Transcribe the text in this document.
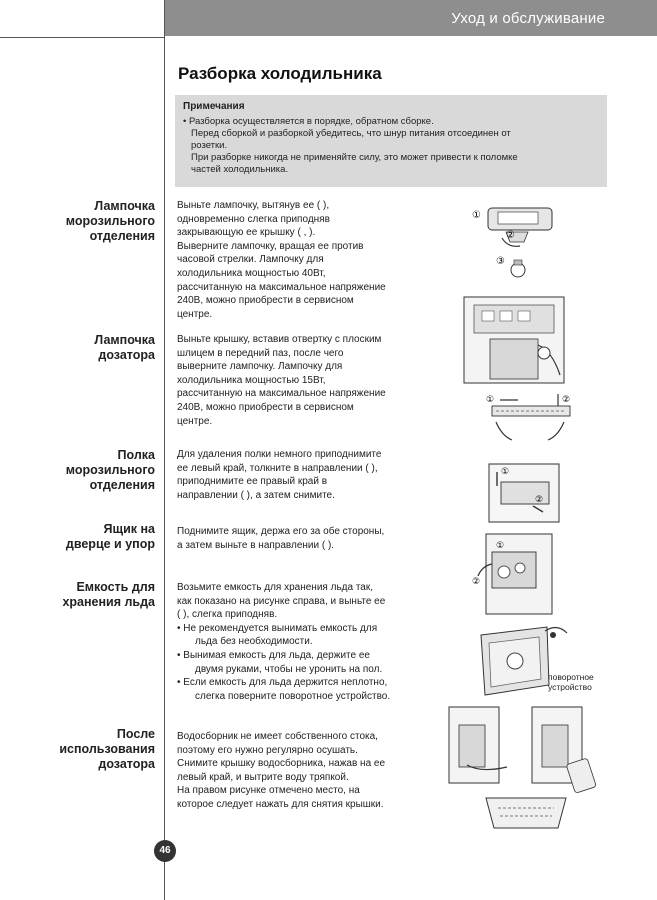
Уход и обслуживание
Разборка холодильника
Примечания
• Разборка осуществляется в порядке, обратном сборке.
Перед сборкой и разборкой убедитесь, что шнур питания отсоединен от
розетки.
При разборке никогда не применяйте силу, это может привести к поломке
частей холодильника.
Лампочка
морозильного
отделения
Выньте лампочку, вытянув ее ( ),
одновременно слегка приподняв
закрывающую ее крышку ( , ).
Выверните лампочку, вращая ее против
часовой стрелки. Лампочку для
холодильника мощностью 40Вт,
рассчитанную на максимальное напряжение
240В, можно приобрести в сервисном
центре.
Лампочка
дозатора
Выньте крышку, вставив отвертку с плоским
шлицем в передний паз, после чего
выверните лампочку. Лампочку для
холодильника мощностью 15Вт,
рассчитанную на максимальное напряжение
240В, можно приобрести в сервисном
центре.
Полка
морозильного
отделения
Для удаления полки немного приподнимите
ее левый край, толкните в направлении ( ),
приподнимите ее правый край в
направлении ( ), а затем снимите.
Ящик на
дверце и упор
Поднимите ящик, держа его за обе стороны,
а затем выньте в направлении ( ).
Емкость для
хранения льда
Возьмите емкость для хранения льда так,
как показано на рисунке справа, и выньте ее
( ), слегка приподняв.
• Не рекомендуется вынимать емкость для
льда без необходимости.
• Вынимая емкость для льда, держите ее
двумя руками, чтобы не уронить на пол.
• Если емкость для льда держится неплотно,
слегка поверните поворотное устройство.
После
использования
дозатора
Водосборник не имеет собственного стока,
поэтому его нужно регулярно осушать.
Снимите крышку водосборника, нажав на ее
левый край, и вытрите воду тряпкой.
На правом рисунке отмечено место, на
которое следует нажать для снятия крышки.
①
②
③
①	②
①
②
②
①
поворотное
устройство
46
